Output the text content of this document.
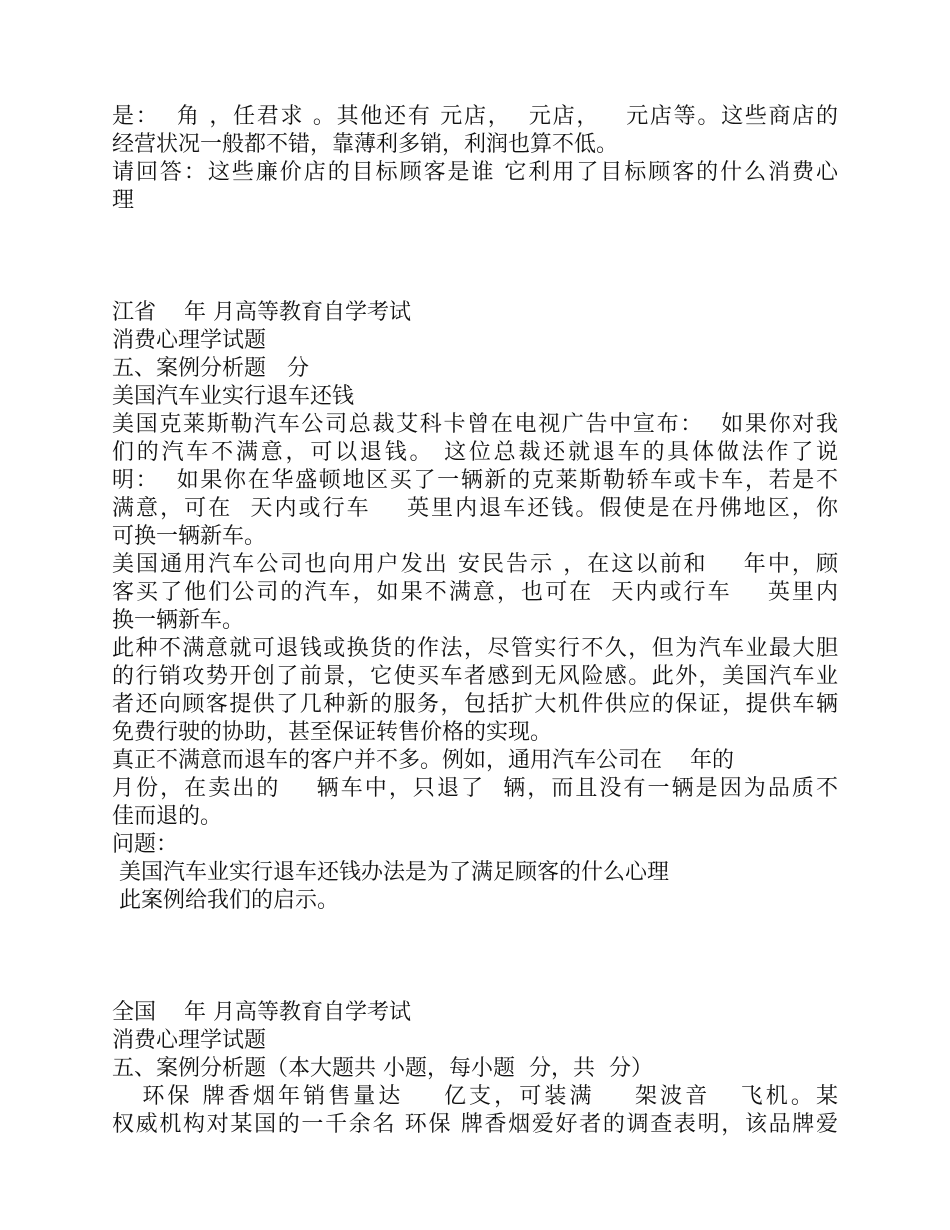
是：  角 ，任君求 。其他还有 元店，  元店，   元店等。这些商店的

经营状况一般都不错，靠薄利多销，利润也算不低。

请回答：这些廉价店的目标顾客是谁 它利用了目标顾客的什么消费心

理

江省    年 月高等教育自学考试

消费心理学试题

五、案例分析题   分

美国汽车业实行退车还钱

美国克莱斯勒汽车公司总裁艾科卡曾在电视广告中宣布：  如果你对我

们的汽车不满意，可以退钱。 这位总裁还就退车的具体做法作了说

明：  如果你在华盛顿地区买了一辆新的克莱斯勒轿车或卡车，若是不

满意，可在  天内或行车    英里内退车还钱。假使是在丹佛地区，你

可换一辆新车。

美国通用汽车公司也向用户发出 安民告示 ，在这以前和    年中，顾

客买了他们公司的汽车，如果不满意，也可在  天内或行车    英里内

换一辆新车。

此种不满意就可退钱或换货的作法，尽管实行不久，但为汽车业最大胆

的行销攻势开创了前景，它使买车者感到无风险感。此外，美国汽车业

者还向顾客提供了几种新的服务，包括扩大机件供应的保证，提供车辆

免费行驶的协助，甚至保证转售价格的实现。

真正不满意而退车的客户并不多。例如，通用汽车公司在    年的

月份，在卖出的    辆车中，只退了  辆，而且没有一辆是因为品质不

佳而退的。

问题：

美国汽车业实行退车还钱办法是为了满足顾客的什么心理

此案例给我们的启示。

全国    年 月高等教育自学考试

消费心理学试题

五、案例分析题（本大题共 小题，每小题  分，共  分）

环保 牌香烟年销售量达    亿支，可装满    架波音   飞机。某

权威机构对某国的一千余名 环保 牌香烟爱好者的调查表明，该品牌爱
